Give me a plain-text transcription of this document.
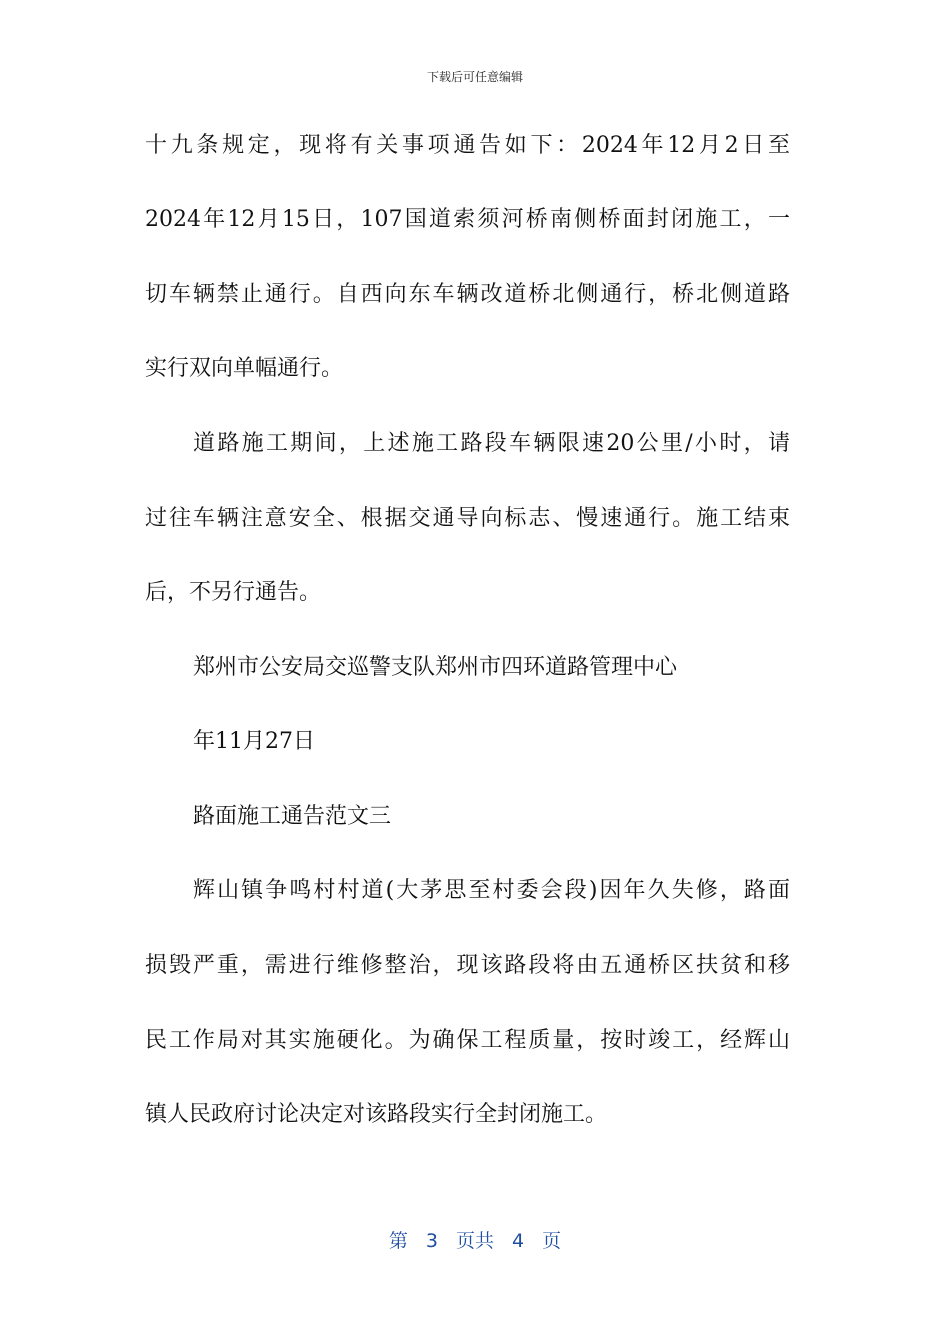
下载后可任意编辑
十九条规定，现将有关事项通告如下：2024年12月2日至
2024年12月15日，107国道索须河桥南侧桥面封闭施工，一
切车辆禁止通行。自西向东车辆改道桥北侧通行，桥北侧道路
实行双向单幅通行。
道路施工期间，上述施工路段车辆限速20公里/小时，请
过往车辆注意安全、根据交通导向标志、慢速通行。施工结束
后，不另行通告。
郑州市公安局交巡警支队郑州市四环道路管理中心
年11月27日
路面施工通告范文三
辉山镇争鸣村村道(大茅思至村委会段)因年久失修，路面
损毁严重，需进行维修整治，现该路段将由五通桥区扶贫和移
民工作局对其实施硬化。为确保工程质量，按时竣工，经辉山
镇人民政府讨论决定对该路段实行全封闭施工。
第 3 页共 4 页
